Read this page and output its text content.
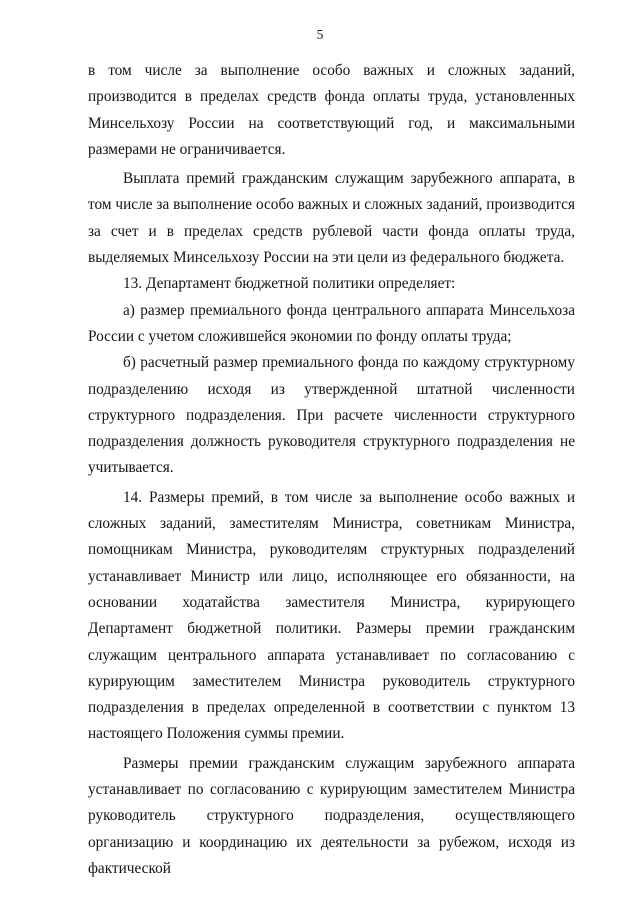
5

в том числе за выполнение особо важных и сложных заданий, производится в пределах средств фонда оплаты труда, установленных Минсельхозу России на соответствующий год, и максимальными размерами не ограничивается.

Выплата премий гражданским служащим зарубежного аппарата, в том числе за выполнение особо важных и сложных заданий, производится за счет и в пределах средств рублевой части фонда оплаты труда, выделяемых Минсельхозу России на эти цели из федерального бюджета.

13. Департамент бюджетной политики определяет:

а) размер премиального фонда центрального аппарата Минсельхоза России с учетом сложившейся экономии по фонду оплаты труда;

б) расчетный размер премиального фонда по каждому структурному подразделению исходя из утвержденной штатной численности структурного подразделения. При расчете численности структурного подразделения должность руководителя структурного подразделения не учитывается.

14. Размеры премий, в том числе за выполнение особо важных и сложных заданий, заместителям Министра, советникам Министра, помощникам Министра, руководителям структурных подразделений устанавливает Министр или лицо, исполняющее его обязанности, на основании ходатайства заместителя Министра, курирующего Департамент бюджетной политики. Размеры премии гражданским служащим центрального аппарата устанавливает по согласованию с курирующим заместителем Министра руководитель структурного подразделения в пределах определенной в соответствии с пунктом 13 настоящего Положения суммы премии.

Размеры премии гражданским служащим зарубежного аппарата устанавливает по согласованию с курирующим заместителем Министра руководитель структурного подразделения, осуществляющего организацию и координацию их деятельности за рубежом, исходя из фактической
